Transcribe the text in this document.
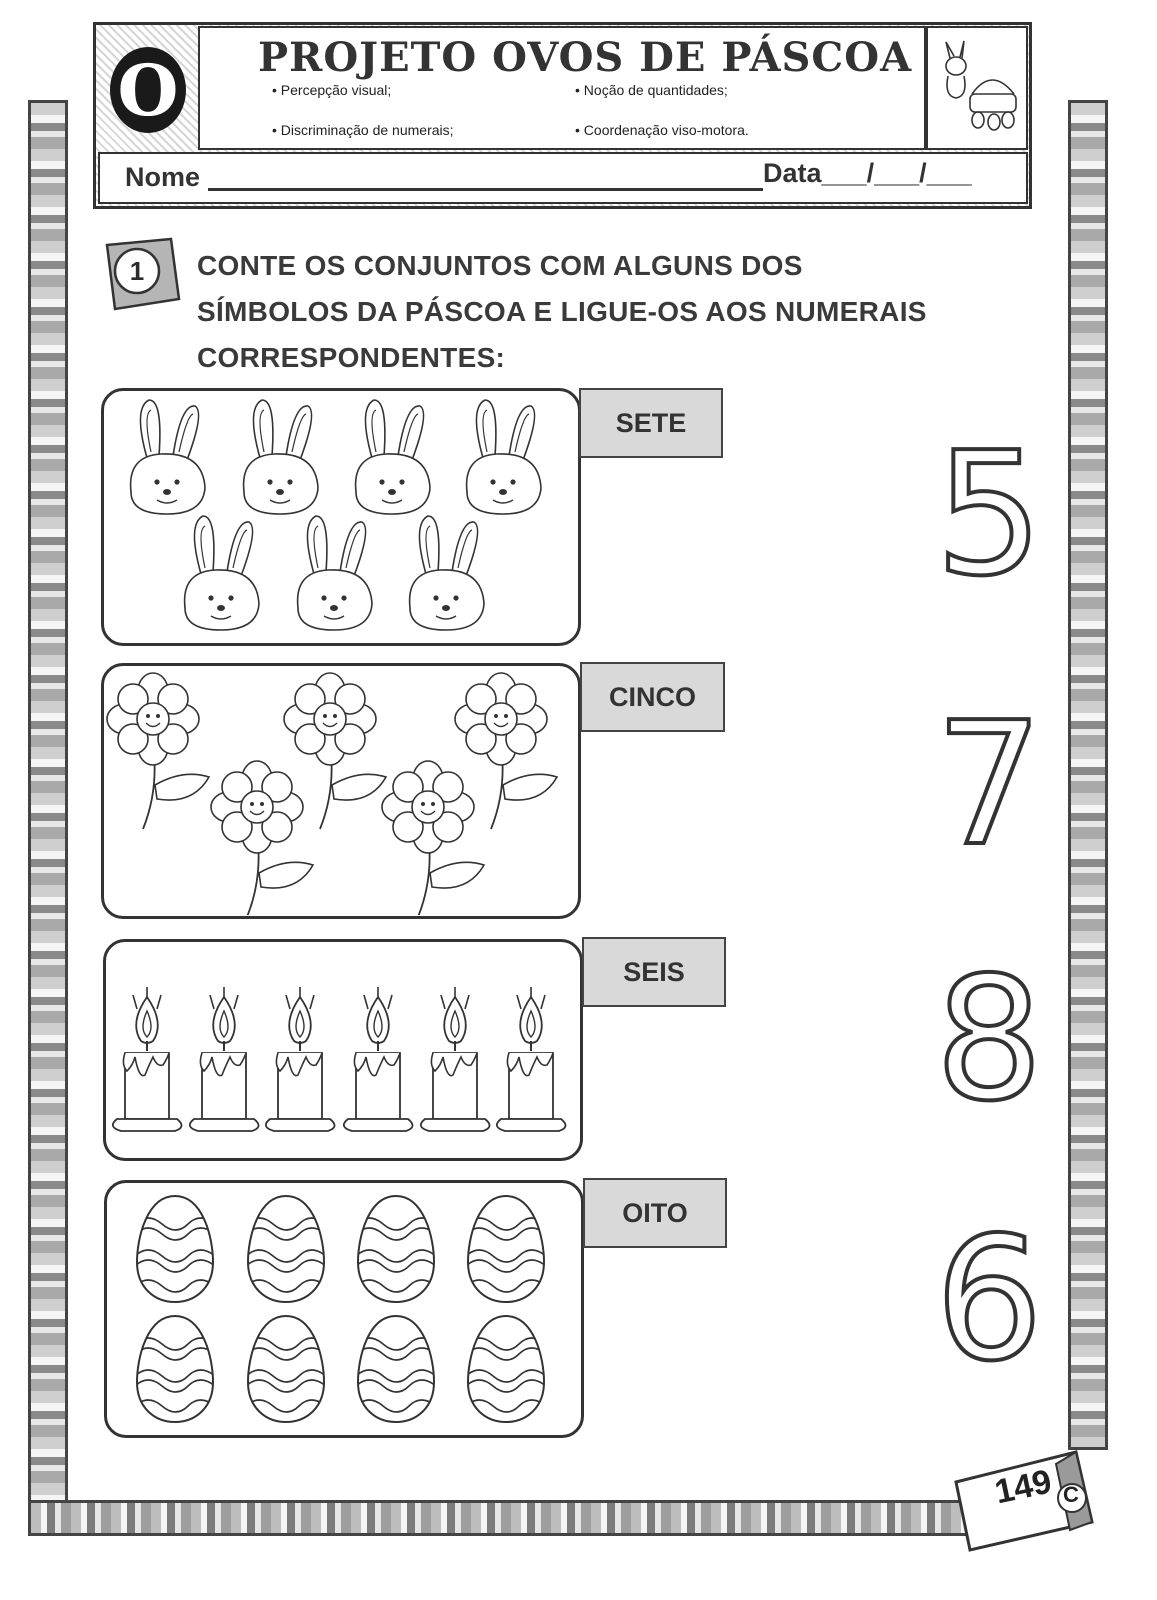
O PROJETO OVOS DE PÁSCOA
• Percepção visual;	• Noção de quantidades;
• Discriminação de numerais;	• Coordenação viso-motora.
Nome	Data___/___/___
1 CONTE OS CONJUNTOS COM ALGUNS DOS
SÍMBOLOS DA PÁSCOA E LIGUE-OS AOS NUMERAIS
CORRESPONDENTES:
SETE
CINCO
SEIS
OITO
5
7
8
6
149 C
